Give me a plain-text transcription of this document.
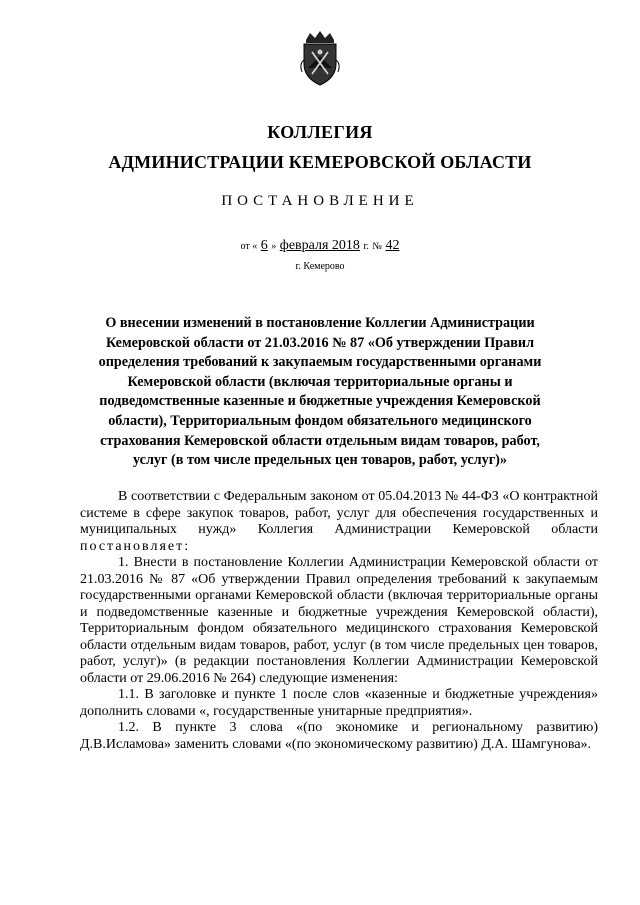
КОЛЛЕГИЯ
АДМИНИСТРАЦИИ КЕМЕРОВСКОЙ ОБЛАСТИ
ПОСТАНОВЛЕНИЕ
от « 6 » февраля 2018 г. № 42
г. Кемерово
О внесении изменений в постановление Коллегии Администрации Кемеровской области от 21.03.2016 № 87 «Об утверждении Правил определения требований к закупаемым государственными органами Кемеровской области (включая территориальные органы и подведомственные казенные и бюджетные учреждения Кемеровской области), Территориальным фондом обязательного медицинского страхования Кемеровской области отдельным видам товаров, работ, услуг (в том числе предельных цен товаров, работ, услуг)»

В соответствии с Федеральным законом от 05.04.2013 № 44-ФЗ «О контрактной системе в сфере закупок товаров, работ, услуг для обеспечения государственных и муниципальных нужд» Коллегия Администрации Кемеровской области постановляет:

1. Внести в постановление Коллегии Администрации Кемеровской области от 21.03.2016 № 87 «Об утверждении Правил определения требований к закупаемым государственными органами Кемеровской области (включая территориальные органы и подведомственные казенные и бюджетные учреждения Кемеровской области), Территориальным фондом обязательного медицинского страхования Кемеровской области отдельным видам товаров, работ, услуг (в том числе предельных цен товаров, работ, услуг)» (в редакции постановления Коллегии Администрации Кемеровской области от 29.06.2016 № 264) следующие изменения:

1.1. В заголовке и пункте 1 после слов «казенные и бюджетные учреждения» дополнить словами «, государственные унитарные предприятия».

1.2. В пункте 3 слова «(по экономике и региональному развитию) Д.В.Исламова» заменить словами «(по экономическому развитию) Д.А. Шамгунова».
